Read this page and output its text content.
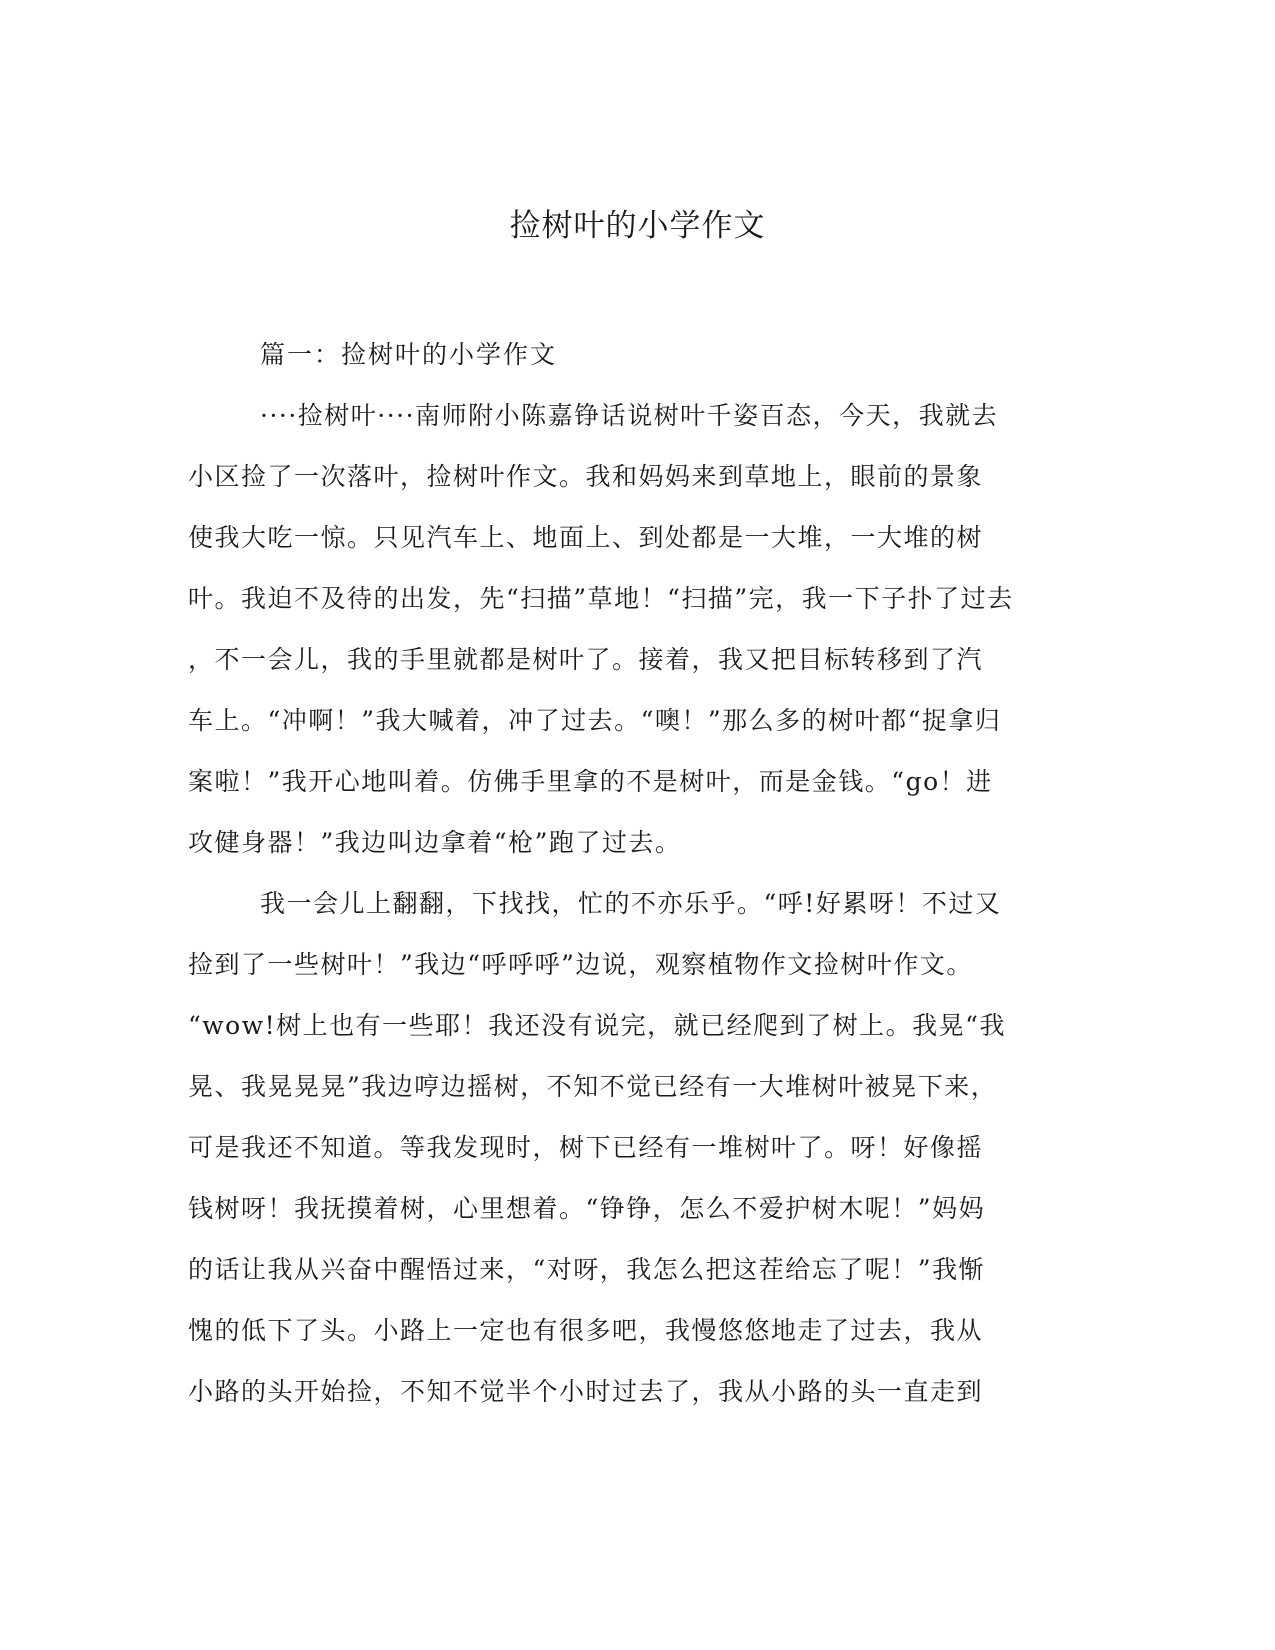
捡树叶的小学作文
篇一：捡树叶的小学作文
····捡树叶····南师附小陈嘉铮话说树叶千姿百态，今天，我就去
小区捡了一次落叶，捡树叶作文。我和妈妈来到草地上，眼前的景象
使我大吃一惊。只见汽车上、地面上、到处都是一大堆，一大堆的树
叶。我迫不及待的出发，先“扫描”草地！“扫描”完，我一下子扑了过去
，不一会儿，我的手里就都是树叶了。接着，我又把目标转移到了汽
车上。“冲啊！”我大喊着，冲了过去。“噢！”那么多的树叶都“捉拿归
案啦！”我开心地叫着。仿佛手里拿的不是树叶，而是金钱。“go！进
攻健身器！”我边叫边拿着“枪”跑了过去。
我一会儿上翻翻，下找找，忙的不亦乐乎。“呼!好累呀！不过又
捡到了一些树叶！”我边“呼呼呼”边说，观察植物作文捡树叶作文。
“wow!树上也有一些耶！我还没有说完，就已经爬到了树上。我晃“我
晃、我晃晃晃”我边哼边摇树，不知不觉已经有一大堆树叶被晃下来，
可是我还不知道。等我发现时，树下已经有一堆树叶了。呀！好像摇
钱树呀！我抚摸着树，心里想着。“铮铮，怎么不爱护树木呢！”妈妈
的话让我从兴奋中醒悟过来，“对呀，我怎么把这茬给忘了呢！”我惭
愧的低下了头。小路上一定也有很多吧，我慢悠悠地走了过去，我从
小路的头开始捡，不知不觉半个小时过去了，我从小路的头一直走到
